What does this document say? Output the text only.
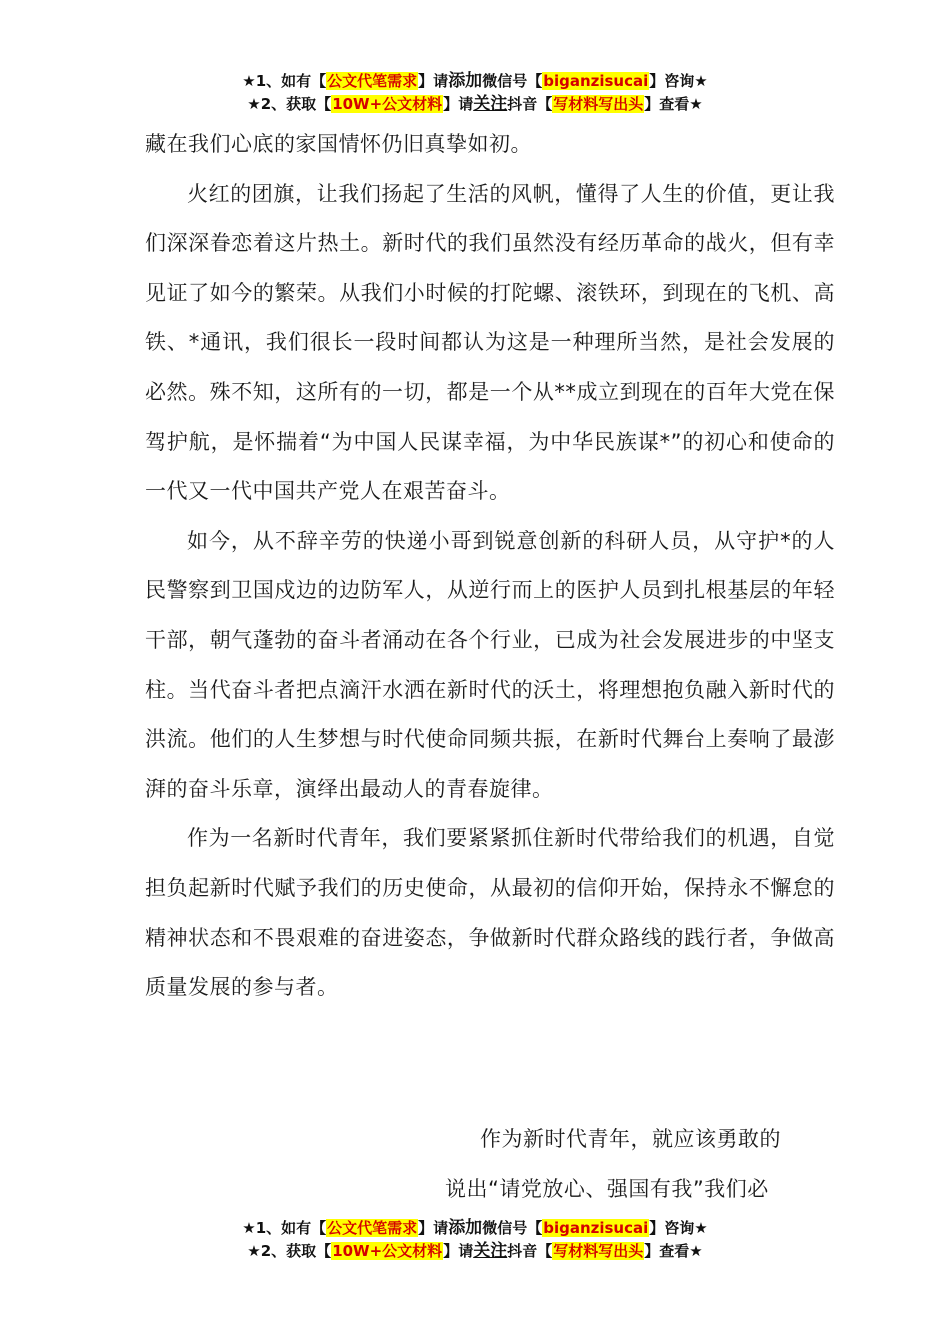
★1、如有【公文代笔需求】请添加微信号【biganzisucai】咨询★
★2、获取【10W+公文材料】请关注抖音【写材料写出头】查看★

藏在我们心底的家国情怀仍旧真挚如初。

火红的团旗，让我们扬起了生活的风帆，懂得了人生的价值，更让我们深深眷恋着这片热土。新时代的我们虽然没有经历革命的战火，但有幸见证了如今的繁荣。从我们小时候的打陀螺、滚铁环，到现在的飞机、高铁、*通讯，我们很长一段时间都认为这是一种理所当然，是社会发展的必然。殊不知，这所有的一切，都是一个从**成立到现在的百年大党在保驾护航，是怀揣着“为中国人民谋幸福，为中华民族谋*”的初心和使命的一代又一代中国共产党人在艰苦奋斗。

如今，从不辞辛劳的快递小哥到锐意创新的科研人员，从守护*的人民警察到卫国戍边的边防军人，从逆行而上的医护人员到扎根基层的年轻干部，朝气蓬勃的奋斗者涌动在各个行业，已成为社会发展进步的中坚支柱。当代奋斗者把点滴汗水洒在新时代的沃土，将理想抱负融入新时代的洪流。他们的人生梦想与时代使命同频共振，在新时代舞台上奏响了最澎湃的奋斗乐章，演绎出最动人的青春旋律。

作为一名新时代青年，我们要紧紧抓住新时代带给我们的机遇，自觉担负起新时代赋予我们的历史使命，从最初的信仰开始，保持永不懈怠的精神状态和不畏艰难的奋进姿态，争做新时代群众路线的践行者，争做高质量发展的参与者。

作为新时代青年，就应该勇敢的
说出“请党放心、强国有我”我们必
★1、如有【公文代笔需求】请添加微信号【biganzisucai】咨询★
★2、获取【10W+公文材料】请关注抖音【写材料写出头】查看★
